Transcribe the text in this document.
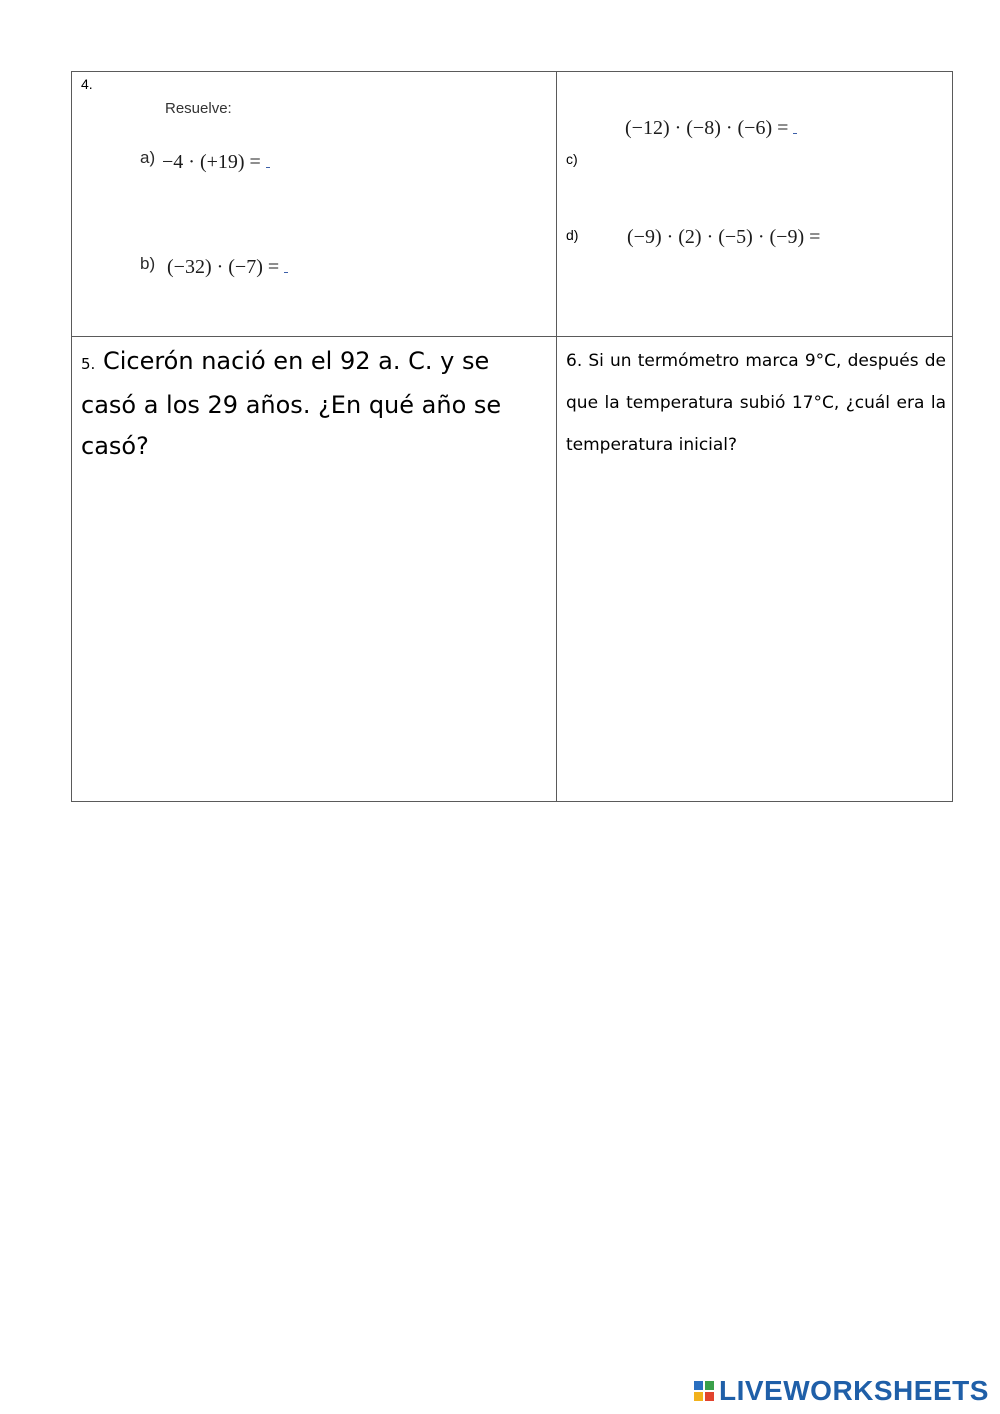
4.
Resuelve:
a) −4 · (+19) =
b) (−32) · (−7) =
(−12) · (−8) · (−6) =
c)
d) (−9) · (2) · (−5) · (−9) =
5. Cicerón nació en el 92 a. C. y se casó a los 29 años. ¿En qué año se casó?
6. Si un termómetro marca 9°C, después de que la temperatura subió 17°C, ¿cuál era la temperatura inicial?
LIVEWORKSHEETS
